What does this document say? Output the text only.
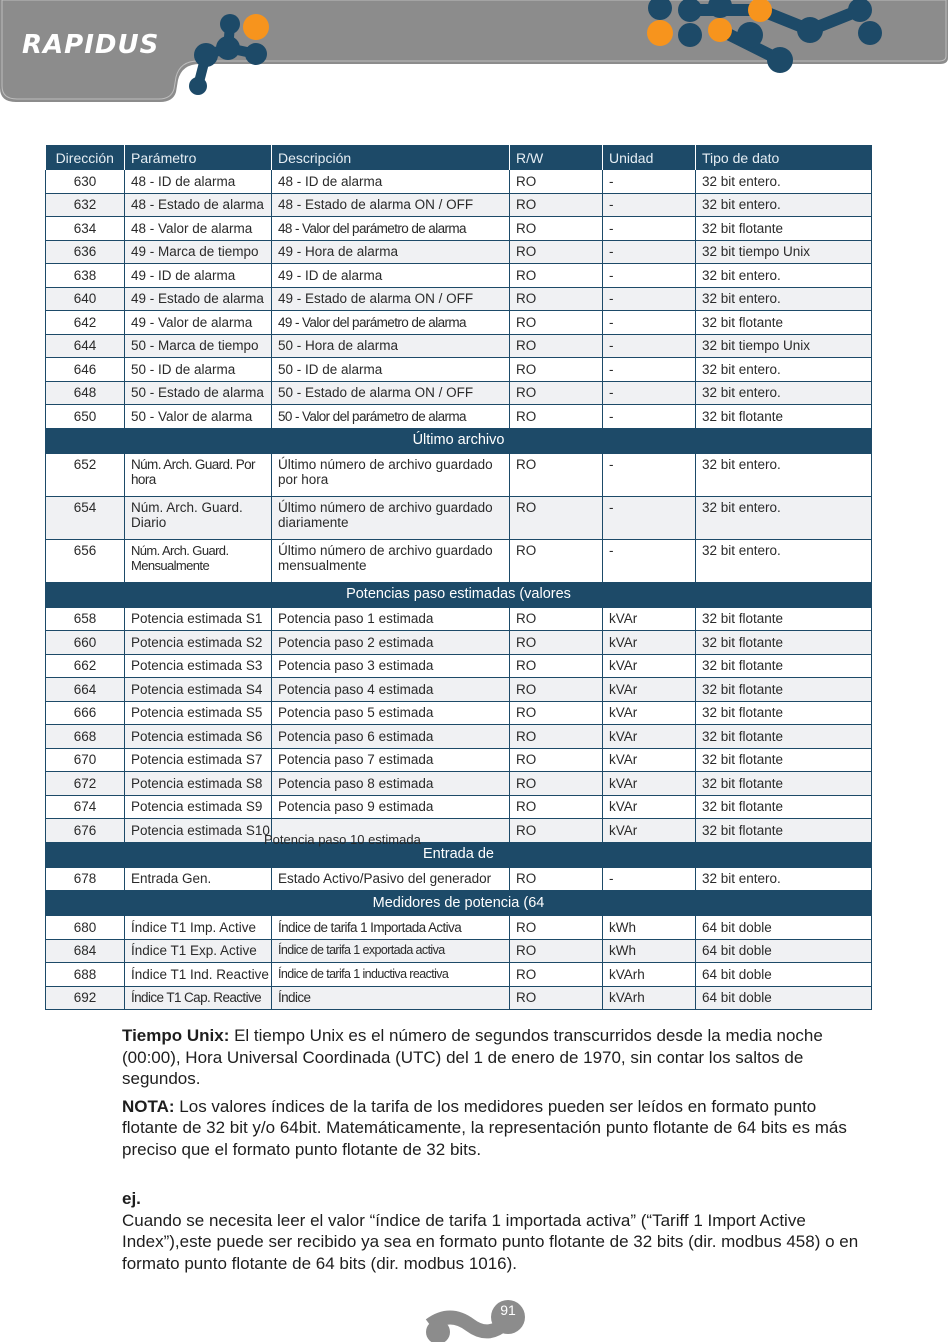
RAPIDUS
Dirección	Parámetro	Descripción	R/W	Unidad	Tipo de dato
630	48 - ID de alarma	48 - ID de alarma	RO	-	32 bit entero.
632	48 - Estado de alarma	48 - Estado de alarma ON / OFF	RO	-	32 bit entero.
634	48 - Valor de alarma	48 - Valor del parámetro de alarma	RO	-	32 bit flotante
636	49 - Marca de tiempo	49 - Hora de alarma	RO	-	32 bit tiempo Unix
638	49 - ID de alarma	49 - ID de alarma	RO	-	32 bit entero.
640	49 - Estado de alarma	49 - Estado de alarma ON / OFF	RO	-	32 bit entero.
642	49 - Valor de alarma	49 - Valor del parámetro de alarma	RO	-	32 bit flotante
644	50 - Marca de tiempo	50 - Hora de alarma	RO	-	32 bit tiempo Unix
646	50 - ID de alarma	50 - ID de alarma	RO	-	32 bit entero.
648	50 - Estado de alarma	50 - Estado de alarma ON / OFF	RO	-	32 bit entero.
650	50 - Valor de alarma	50 - Valor del parámetro de alarma	RO	-	32 bit flotante
Último archivo					
652	Núm. Arch. Guard. Por hora	Último número de archivo guardado por hora	RO	-	32 bit entero.
654	Núm. Arch. Guard. Diario	Último número de archivo guardado diariamente	RO	-	32 bit entero.
656	Núm. Arch. Guard. Mensualmente	Último número de archivo guardado mensualmente	RO	-	32 bit entero.
Potencias paso estimadas (valores					
658	Potencia estimada S1	Potencia paso 1 estimada	RO	kVAr	32 bit flotante
660	Potencia estimada S2	Potencia paso 2 estimada	RO	kVAr	32 bit flotante
662	Potencia estimada S3	Potencia paso 3 estimada	RO	kVAr	32 bit flotante
664	Potencia estimada S4	Potencia paso 4 estimada	RO	kVAr	32 bit flotante
666	Potencia estimada S5	Potencia paso 5 estimada	RO	kVAr	32 bit flotante
668	Potencia estimada S6	Potencia paso 6 estimada	RO	kVAr	32 bit flotante
670	Potencia estimada S7	Potencia paso 7 estimada	RO	kVAr	32 bit flotante
672	Potencia estimada S8	Potencia paso 8 estimada	RO	kVAr	32 bit flotante
674	Potencia estimada S9	Potencia paso 9 estimada	RO	kVAr	32 bit flotante
676	Potencia estimada S10	Potencia paso 10 estimada	RO	kVAr	32 bit flotante
Entrada de					
678	Entrada Gen.	Estado Activo/Pasivo del generador	RO	-	32 bit entero.
Medidores de potencia (64					
680	Índice T1 Imp. Active	Índice de tarifa 1 Importada Activa	RO	kWh	64 bit doble
684	Índice T1 Exp. Active	Índice de tarifa 1 exportada activa	RO	kWh	64 bit doble
688	Índice T1 Ind. Reactive	Índice de tarifa 1 inductiva reactiva	RO	kVArh	64 bit doble
692	Índice T1 Cap. Reactive	Índice	RO	kVArh	64 bit doble

Tiempo Unix: El tiempo Unix es el número de segundos transcurridos desde la media noche (00:00), Hora Universal Coordinada (UTC) del 1 de enero de 1970, sin contar los saltos de segundos.

NOTA: Los valores índices de la tarifa de los medidores pueden ser leídos en formato punto flotante de 32 bit y/o 64bit. Matemáticamente, la representación punto flotante de 64 bits es más preciso que el formato punto flotante de 32 bits.

ej.

Cuando se necesita leer el valor “índice de tarifa 1 importada activa” (“Tariff 1 Import Active Index”),este puede ser recibido ya sea en formato punto flotante de 32 bits (dir. modbus 458) o en formato punto flotante de 64 bits (dir. modbus 1016).

91
